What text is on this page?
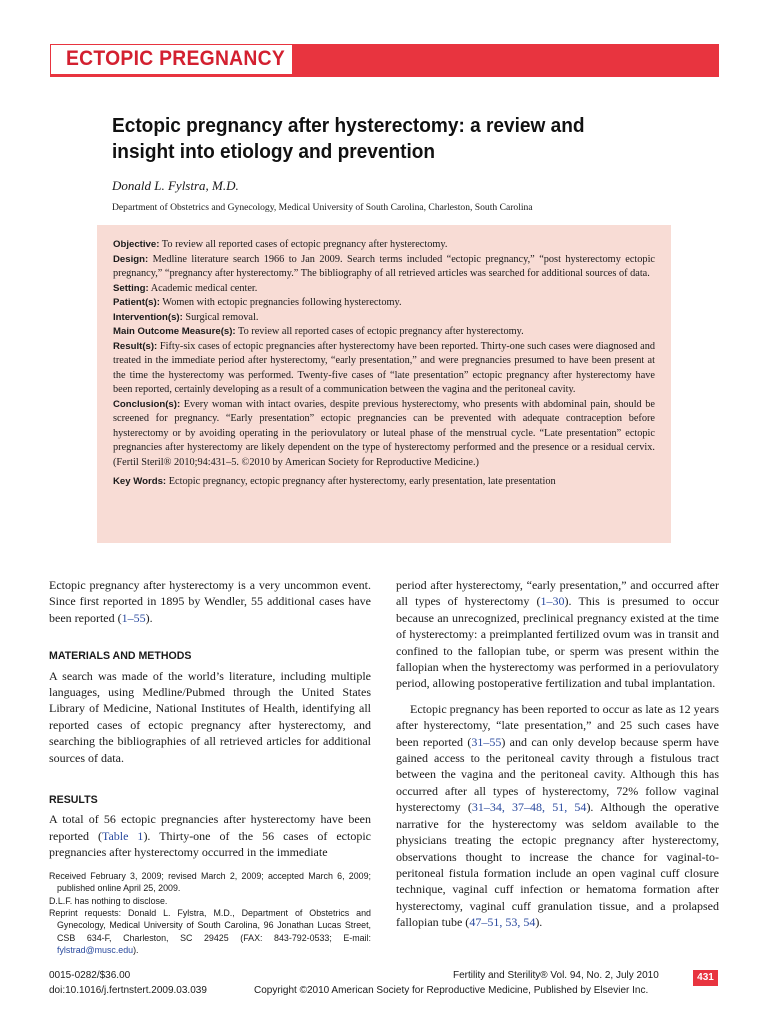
ECTOPIC PREGNANCY
Ectopic pregnancy after hysterectomy: a review and insight into etiology and prevention
Donald L. Fylstra, M.D.
Department of Obstetrics and Gynecology, Medical University of South Carolina, Charleston, South Carolina

Objective: To review all reported cases of ectopic pregnancy after hysterectomy.

Design: Medline literature search 1966 to Jan 2009. Search terms included “ectopic pregnancy,” “post hysterectomy ectopic pregnancy,” “pregnancy after hysterectomy.” The bibliography of all retrieved articles was searched for additional sources of data.

Setting: Academic medical center.

Patient(s): Women with ectopic pregnancies following hysterectomy.

Intervention(s): Surgical removal.

Main Outcome Measure(s): To review all reported cases of ectopic pregnancy after hysterectomy.

Result(s): Fifty-six cases of ectopic pregnancies after hysterectomy have been reported. Thirty-one such cases were diagnosed and treated in the immediate period after hysterectomy, “early presentation,” and were pregnancies presumed to have been present at the time the hysterectomy was performed. Twenty-five cases of “late presentation” ectopic pregnancy after hysterectomy have been reported, certainly developing as a result of a communication between the vagina and the peritoneal cavity.

Conclusion(s): Every woman with intact ovaries, despite previous hysterectomy, who presents with abdominal pain, should be screened for pregnancy. “Early presentation” ectopic pregnancies can be prevented with adequate contraception before hysterectomy or by avoiding operating in the periovulatory or luteal phase of the menstrual cycle. “Late presentation” ectopic pregnancies after hysterectomy are likely dependent on the type of hysterectomy performed and the presence or a residual cervix. (Fertil Steril® 2010;94:431–5. ©2010 by American Society for Reproductive Medicine.)

Key Words: Ectopic pregnancy, ectopic pregnancy after hysterectomy, early presentation, late presentation

Ectopic pregnancy after hysterectomy is a very uncommon event. Since first reported in 1895 by Wendler, 55 additional cases have been reported (1–55).

MATERIALS AND METHODS

A search was made of the world’s literature, including multiple languages, using Medline/Pubmed through the United States Library of Medicine, National Institutes of Health, identifying all reported cases of ectopic pregnancy after hysterectomy, and searching the bibliographies of all retrieved articles for additional sources of data.

RESULTS

A total of 56 ectopic pregnancies after hysterectomy have been reported (Table 1). Thirty-one of the 56 cases of ectopic pregnancies after hysterectomy occurred in the immediate

Received February 3, 2009; revised March 2, 2009; accepted March 6, 2009; published online April 25, 2009.

D.L.F. has nothing to disclose.

Reprint requests: Donald L. Fylstra, M.D., Department of Obstetrics and Gynecology, Medical University of South Carolina, 96 Jonathan Lucas Street, CSB 634-F, Charleston, SC 29425 (FAX: 843-792-0533; E-mail: fylstrad@musc.edu).

period after hysterectomy, “early presentation,” and occurred after all types of hysterectomy (1–30). This is presumed to occur because an unrecognized, preclinical pregnancy existed at the time of hysterectomy: a preimplanted fertilized ovum was in transit and confined to the fallopian tube, or sperm was present within the fallopian when the hysterectomy was performed in a periovulatory period, allowing postoperative fertilization and tubal implantation.

Ectopic pregnancy has been reported to occur as late as 12 years after hysterectomy, “late presentation,” and 25 such cases have been reported (31–55) and can only develop because sperm have gained access to the peritoneal cavity through a fistulous tract between the vagina and the peritoneal cavity. Although this has occurred after all types of hysterectomy, 72% follow vaginal hysterectomy (31–34, 37–48, 51, 54). Although the operative narrative for the hysterectomy was seldom available to the physicians treating the ectopic pregnancy after hysterectomy, observations thought to increase the chance for vaginal-to-peritoneal fistula formation include an open vaginal cuff closure technique, vaginal cuff infection or hematoma formation after hysterectomy, vaginal cuff granulation tissue, and a prolapsed fallopian tube (47–51, 53, 54).

0015-0282/$36.00
doi:10.1016/j.fertnstert.2009.03.039
Fertility and Sterility® Vol. 94, No. 2, July 2010
Copyright ©2010 American Society for Reproductive Medicine, Published by Elsevier Inc.
431
